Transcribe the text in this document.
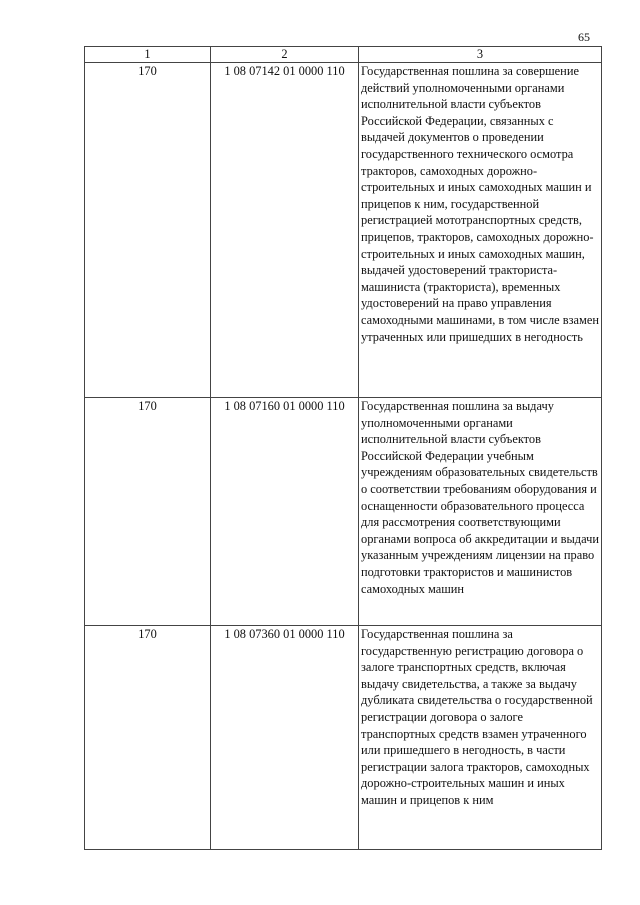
65
1	2	3
170	1 08 07142 01 0000 110	Государственная пошлина за совершение действий уполномоченными органами исполнительной власти субъектов Российской Федерации, связанных с выдачей документов о проведении государственного технического осмотра тракторов, самоходных дорожно-строительных и иных самоходных машин и прицепов к ним, государственной регистрацией мототранспортных средств, прицепов, тракторов, самоходных дорожно-строительных и иных самоходных машин, выдачей удостоверений тракториста-машиниста (тракториста), временных удостоверений на право управления самоходными машинами, в том числе взамен утраченных или пришедших в негодность
170	1 08 07160 01 0000 110	Государственная пошлина за выдачу уполномоченными органами исполнительной власти субъектов Российской Федерации учебным учреждениям образовательных свидетельств о соответствии требованиям оборудования и оснащенности образовательного процесса для рассмотрения соответствующими органами вопроса об аккредитации и выдачи указанным учреждениям лицензии на право подготовки трактористов и машинистов самоходных машин
170	1 08 07360 01 0000 110	Государственная пошлина за государственную регистрацию договора о залоге транспортных средств, включая выдачу свидетельства, а также за выдачу дубликата свидетельства о государственной регистрации договора о залоге транспортных средств взамен утраченного или пришедшего в негодность, в части регистрации залога тракторов, самоходных дорожно-строительных машин и иных машин и прицепов к ним
